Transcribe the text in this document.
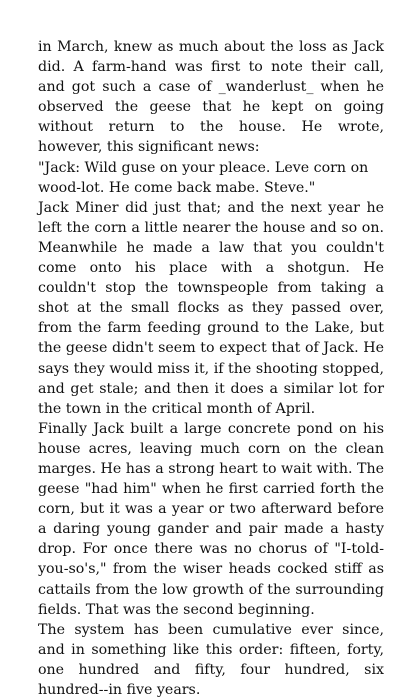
in March, knew as much about the loss as Jack did. A farm-hand was first to note their call, and got such a case of _wanderlust_ when he observed the geese that he kept on going without return to the house. He wrote, however, this significant news:

"Jack: Wild guse on your pleace. Leve corn on wood-lot. He come back mabe. Steve."

Jack Miner did just that; and the next year he left the corn a little nearer the house and so on. Meanwhile he made a law that you couldn't come onto his place with a shotgun. He couldn't stop the townspeople from taking a shot at the small flocks as they passed over, from the farm feeding ground to the Lake, but the geese didn't seem to expect that of Jack. He says they would miss it, if the shooting stopped, and get stale; and then it does a similar lot for the town in the critical month of April.

Finally Jack built a large concrete pond on his house acres, leaving much corn on the clean marges. He has a strong heart to wait with. The geese "had him" when he first carried forth the corn, but it was a year or two afterward before a daring young gander and pair made a hasty drop. For once there was no chorus of "I-told-you-so's," from the wiser heads cocked stiff as cattails from the low growth of the surrounding fields. That was the second beginning.

The system has been cumulative ever since, and in something like this order: fifteen, forty, one hundred and fifty, four hundred, six hundred--in five years.
